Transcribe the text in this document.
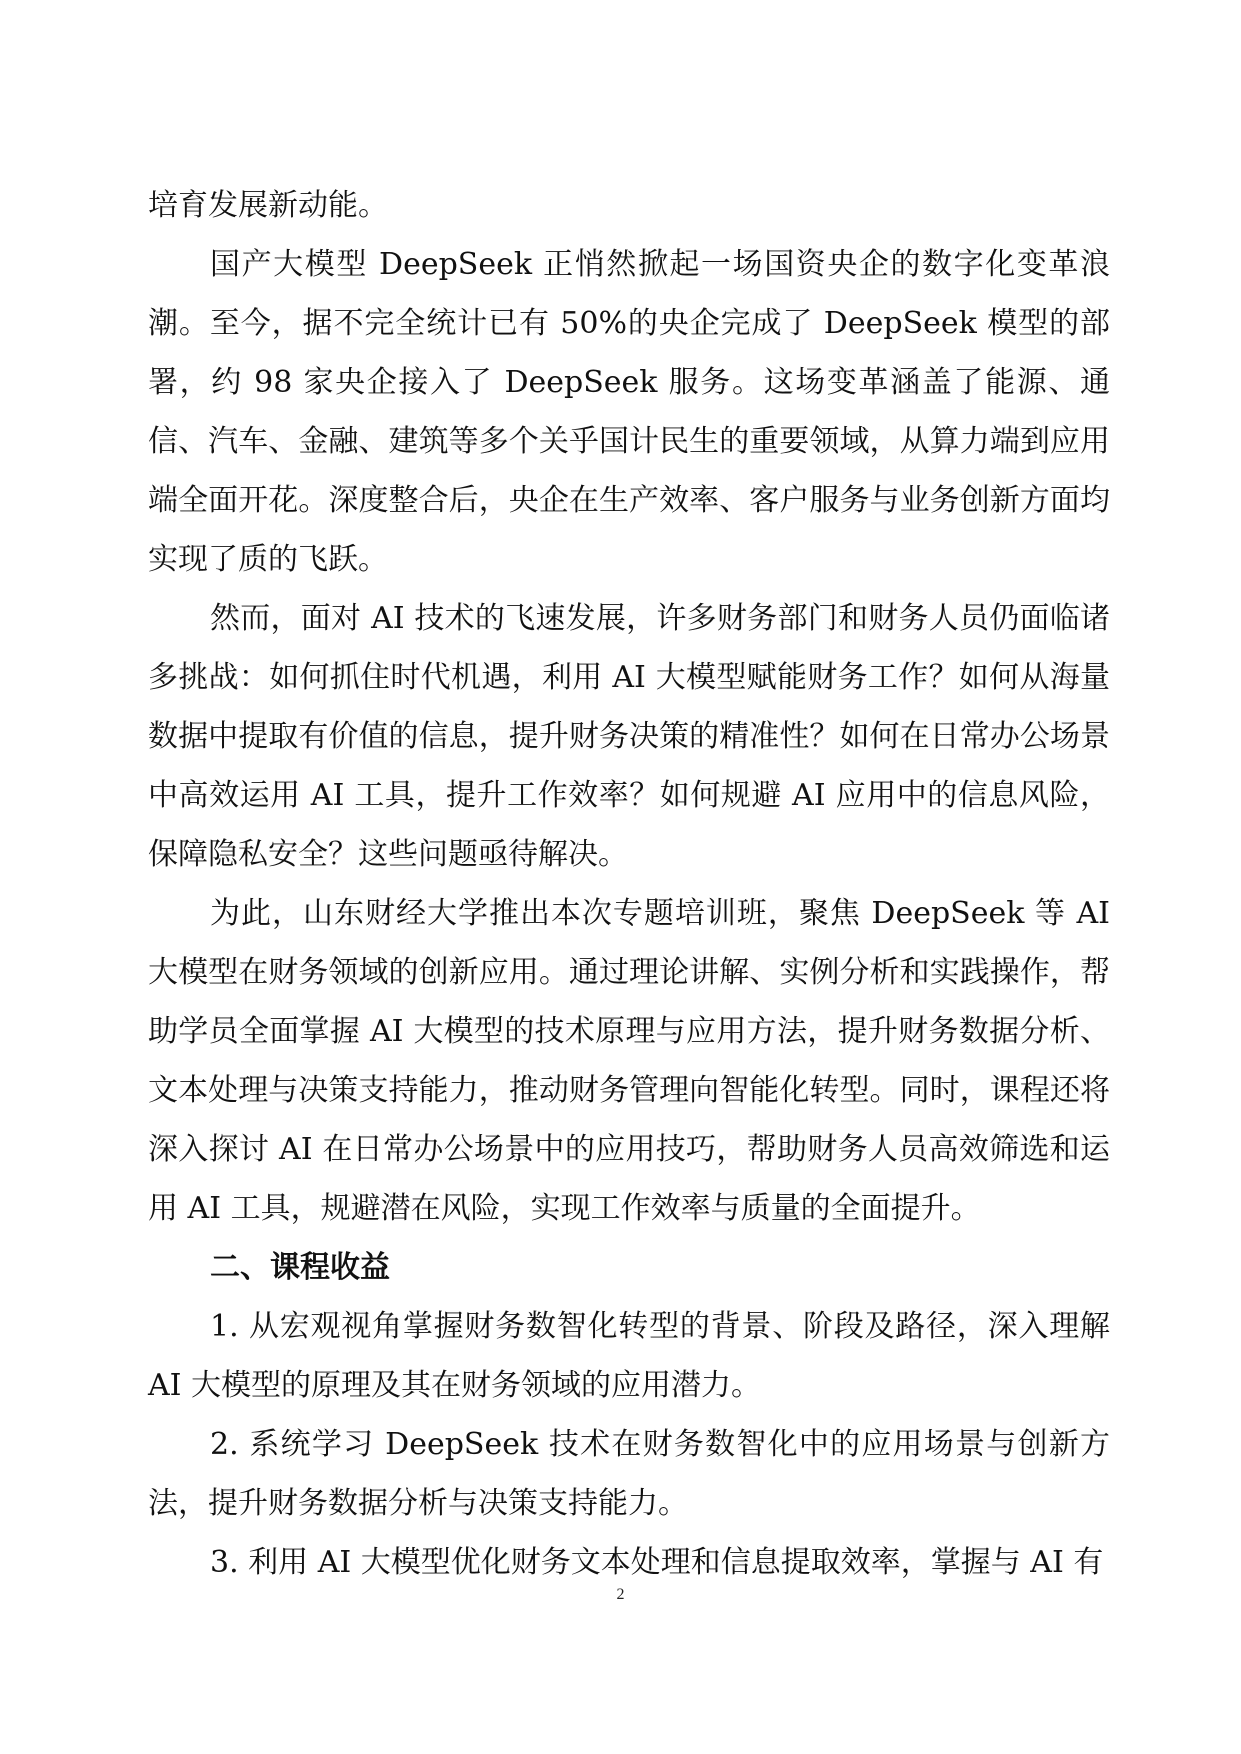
培育发展新动能。

国产大模型 DeepSeek 正悄然掀起一场国资央企的数字化变革浪潮。至今，据不完全统计已有 50%的央企完成了 DeepSeek 模型的部署，约 98 家央企接入了 DeepSeek 服务。这场变革涵盖了能源、通信、汽车、金融、建筑等多个关乎国计民生的重要领域，从算力端到应用端全面开花。深度整合后，央企在生产效率、客户服务与业务创新方面均实现了质的飞跃。

然而，面对 AI 技术的飞速发展，许多财务部门和财务人员仍面临诸多挑战：如何抓住时代机遇，利用 AI 大模型赋能财务工作？如何从海量数据中提取有价值的信息，提升财务决策的精准性？如何在日常办公场景中高效运用 AI 工具，提升工作效率？如何规避 AI 应用中的信息风险，保障隐私安全？这些问题亟待解决。

为此，山东财经大学推出本次专题培训班，聚焦 DeepSeek 等 AI 大模型在财务领域的创新应用。通过理论讲解、实例分析和实践操作，帮助学员全面掌握 AI 大模型的技术原理与应用方法，提升财务数据分析、文本处理与决策支持能力，推动财务管理向智能化转型。同时，课程还将深入探讨 AI 在日常办公场景中的应用技巧，帮助财务人员高效筛选和运用 AI 工具，规避潜在风险，实现工作效率与质量的全面提升。

二、课程收益

1. 从宏观视角掌握财务数智化转型的背景、阶段及路径，深入理解 AI 大模型的原理及其在财务领域的应用潜力。

2. 系统学习 DeepSeek 技术在财务数智化中的应用场景与创新方法，提升财务数据分析与决策支持能力。

3. 利用 AI 大模型优化财务文本处理和信息提取效率，掌握与 AI 有

2
